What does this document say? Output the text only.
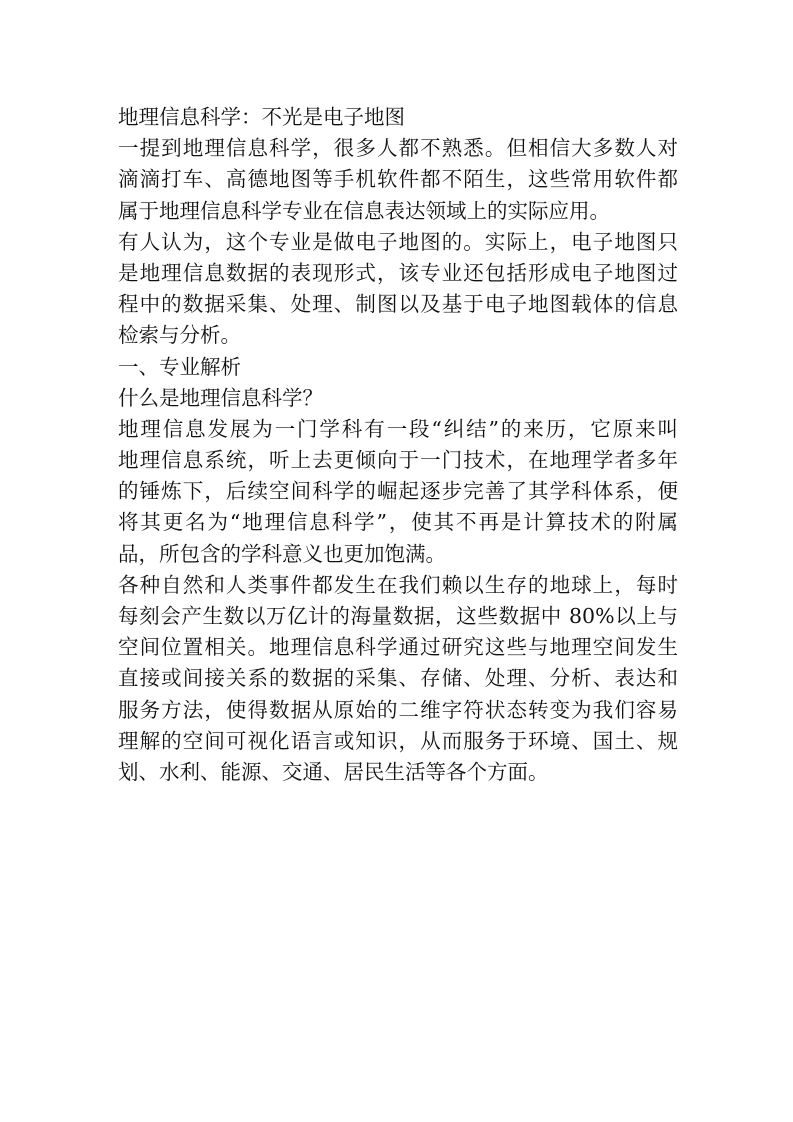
地理信息科学：不光是电子地图
一提到地理信息科学，很多人都不熟悉。但相信大多数人对
滴滴打车、高德地图等手机软件都不陌生，这些常用软件都
属于地理信息科学专业在信息表达领域上的实际应用。
有人认为，这个专业是做电子地图的。实际上，电子地图只
是地理信息数据的表现形式，该专业还包括形成电子地图过
程中的数据采集、处理、制图以及基于电子地图载体的信息
检索与分析。
一、专业解析
什么是地理信息科学？
地理信息发展为一门学科有一段“纠结”的来历，它原来叫
地理信息系统，听上去更倾向于一门技术，在地理学者多年
的锤炼下，后续空间科学的崛起逐步完善了其学科体系，便
将其更名为“地理信息科学”，使其不再是计算技术的附属
品，所包含的学科意义也更加饱满。
各种自然和人类事件都发生在我们赖以生存的地球上，每时
每刻会产生数以万亿计的海量数据，这些数据中 80%以上与
空间位置相关。地理信息科学通过研究这些与地理空间发生
直接或间接关系的数据的采集、存储、处理、分析、表达和
服务方法，使得数据从原始的二维字符状态转变为我们容易
理解的空间可视化语言或知识，从而服务于环境、国土、规
划、水利、能源、交通、居民生活等各个方面。
